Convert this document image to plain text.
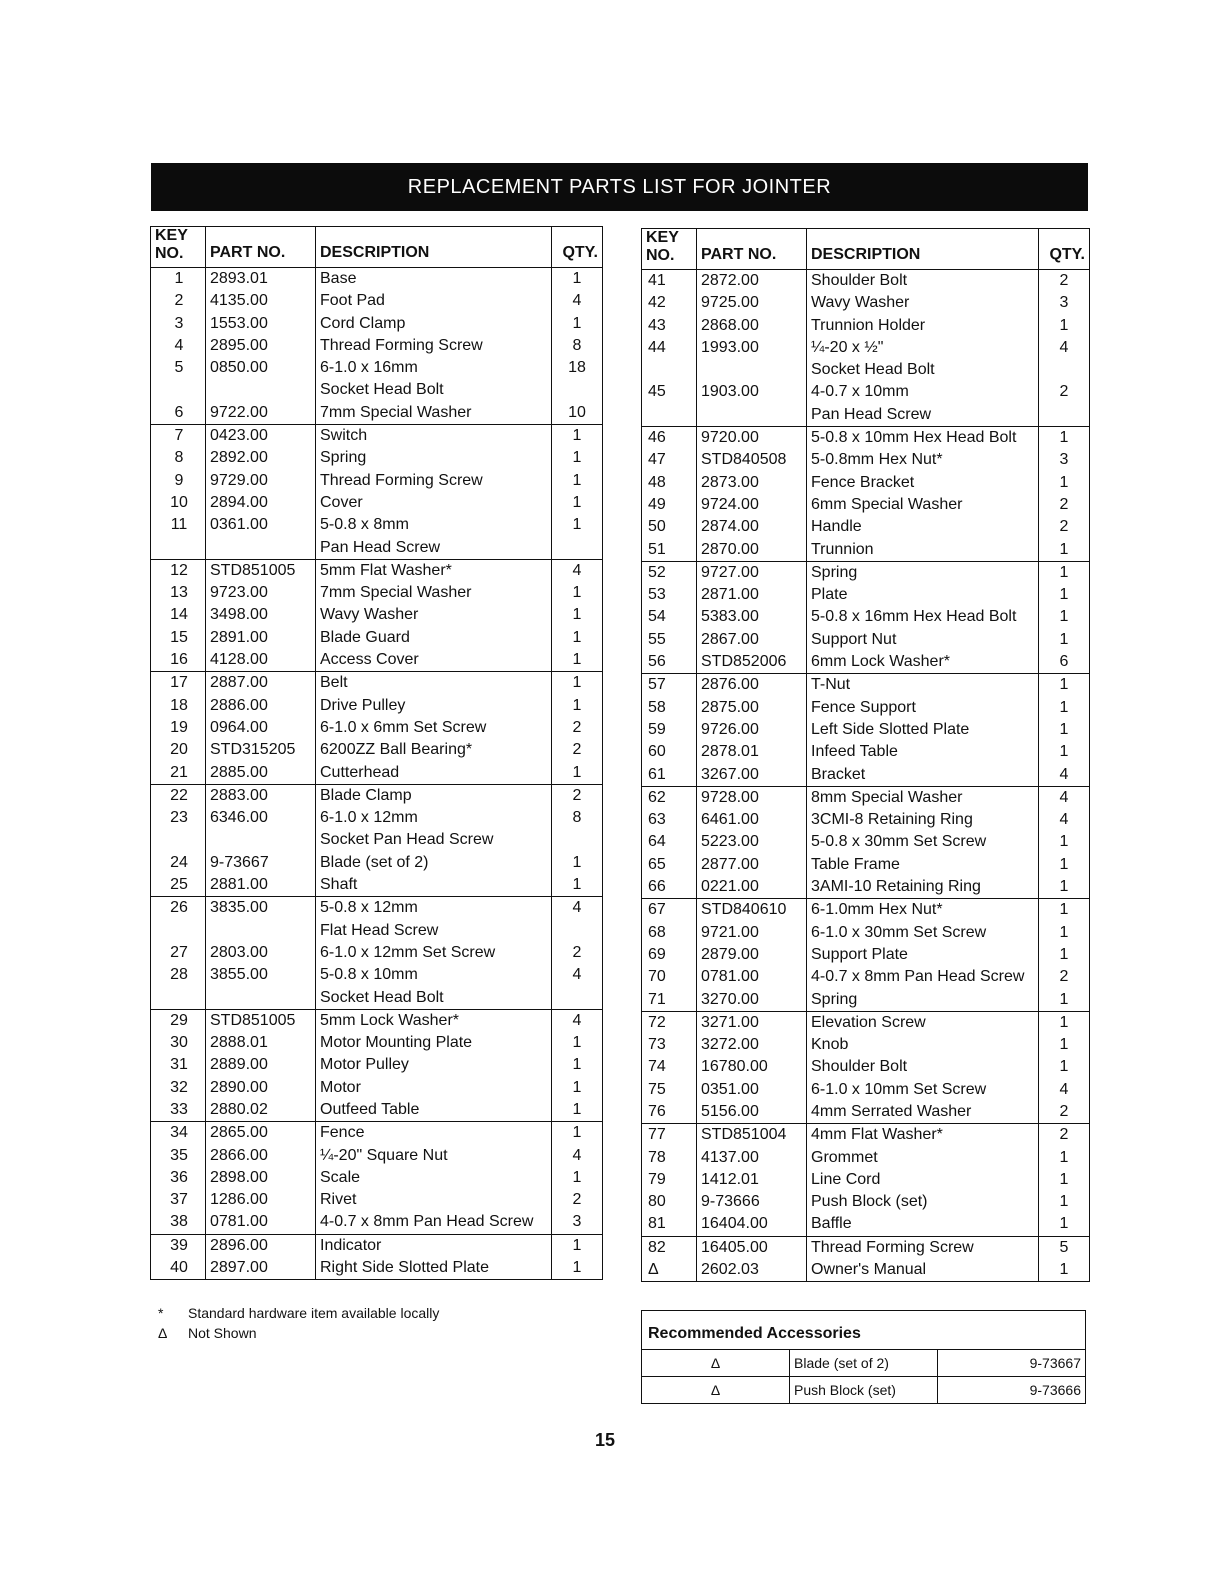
REPLACEMENT PARTS LIST FOR JOINTER
KEY
NO.	PART NO.	DESCRIPTION	QTY.
1	2893.01	Base	1
2	4135.00	Foot Pad	4
3	1553.00	Cord Clamp	1
4	2895.00	Thread Forming Screw	8
5	0850.00	6-1.0 x 16mm	18
		Socket Head Bolt	
6	9722.00	7mm Special Washer	10
7	0423.00	Switch	1
8	2892.00	Spring	1
9	9729.00	Thread Forming Screw	1
10	2894.00	Cover	1
11	0361.00	5-0.8 x 8mm	1
		Pan Head Screw	
12	STD851005	5mm Flat Washer*	4
13	9723.00	7mm Special Washer	1
14	3498.00	Wavy Washer	1
15	2891.00	Blade Guard	1
16	4128.00	Access Cover	1
17	2887.00	Belt	1
18	2886.00	Drive Pulley	1
19	0964.00	6-1.0 x 6mm Set Screw	2
20	STD315205	6200ZZ Ball Bearing*	2
21	2885.00	Cutterhead	1
22	2883.00	Blade Clamp	2
23	6346.00	6-1.0 x 12mm	8
		Socket Pan Head Screw	
24	9-73667	Blade (set of 2)	1
25	2881.00	Shaft	1
26	3835.00	5-0.8 x 12mm	4
		Flat Head Screw	
27	2803.00	6-1.0 x 12mm Set Screw	2
28	3855.00	5-0.8 x 10mm	4
		Socket Head Bolt	
29	STD851005	5mm Lock Washer*	4
30	2888.01	Motor Mounting Plate	1
31	2889.00	Motor Pulley	1
32	2890.00	Motor	1
33	2880.02	Outfeed Table	1
34	2865.00	Fence	1
35	2866.00	¼-20" Square Nut	4
36	2898.00	Scale	1
37	1286.00	Rivet	2
38	0781.00	4-0.7 x 8mm Pan Head Screw	3
39	2896.00	Indicator	1
40	2897.00	Right Side Slotted Plate	1
KEY
NO.	PART NO.	DESCRIPTION	QTY.
41	2872.00	Shoulder Bolt	2
42	9725.00	Wavy Washer	3
43	2868.00	Trunnion Holder	1
44	1993.00	¼-20 x ½"	4
		Socket Head Bolt	
45	1903.00	4-0.7 x 10mm	2
		Pan Head Screw	
46	9720.00	5-0.8 x 10mm Hex Head Bolt	1
47	STD840508	5-0.8mm Hex Nut*	3
48	2873.00	Fence Bracket	1
49	9724.00	6mm Special Washer	2
50	2874.00	Handle	2
51	2870.00	Trunnion	1
52	9727.00	Spring	1
53	2871.00	Plate	1
54	5383.00	5-0.8 x 16mm Hex Head Bolt	1
55	2867.00	Support Nut	1
56	STD852006	6mm Lock Washer*	6
57	2876.00	T-Nut	1
58	2875.00	Fence Support	1
59	9726.00	Left Side Slotted Plate	1
60	2878.01	Infeed Table	1
61	3267.00	Bracket	4
62	9728.00	8mm Special Washer	4
63	6461.00	3CMI-8 Retaining Ring	4
64	5223.00	5-0.8 x 30mm Set Screw	1
65	2877.00	Table Frame	1
66	0221.00	3AMI-10 Retaining Ring	1
67	STD840610	6-1.0mm Hex Nut*	1
68	9721.00	6-1.0 x 30mm Set Screw	1
69	2879.00	Support Plate	1
70	0781.00	4-0.7 x 8mm Pan Head Screw	2
71	3270.00	Spring	1
72	3271.00	Elevation Screw	1
73	3272.00	Knob	1
74	16780.00	Shoulder Bolt	1
75	0351.00	6-1.0 x 10mm Set Screw	4
76	5156.00	4mm Serrated Washer	2
77	STD851004	4mm Flat Washer*	2
78	4137.00	Grommet	1
79	1412.01	Line Cord	1
80	9-73666	Push Block (set)	1
81	16404.00	Baffle	1
82	16405.00	Thread Forming Screw	5
Δ	2602.03	Owner's Manual	1
* Standard hardware item available locally
Δ Not Shown	Recommended Accessories		
Δ	Blade (set of 2)	9-73667
Δ	Push Block (set)	9-73666
15
